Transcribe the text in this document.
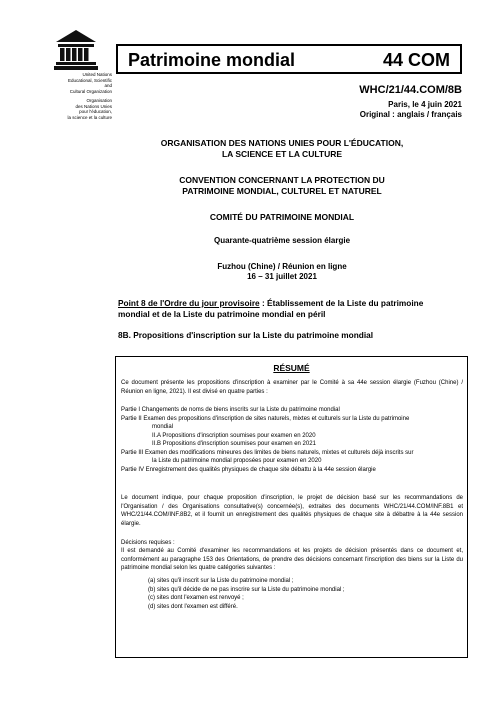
United Nations
Educational, Scientific and
Cultural Organization
Organisation
des Nations Unies
pour l'éducation,
la science et la culture
Patrimoine mondial	44 COM
WHC/21/44.COM/8B
Paris, le 4 juin 2021
Original : anglais / français
ORGANISATION DES NATIONS UNIES POUR L'ÉDUCATION,
LA SCIENCE ET LA CULTURE
CONVENTION CONCERNANT LA PROTECTION DU
PATRIMOINE MONDIAL, CULTUREL ET NATUREL
COMITÉ DU PATRIMOINE MONDIAL
Quarante-quatrième session élargie
Fuzhou (Chine) / Réunion en ligne
16 – 31 juillet 2021
Point 8 de l'Ordre du jour provisoire : Établissement de la Liste du patrimoine
mondial et de la Liste du patrimoine mondial en péril
8B. Propositions d'inscription sur la Liste du patrimoine mondial
RÉSUMÉ
Ce document présente les propositions d'inscription à examiner par le Comité à sa 44e session élargie (Fuzhou (Chine) / Réunion en ligne, 2021). Il est divisé en quatre parties :
Partie I Changements de noms de biens inscrits sur la Liste du patrimoine mondial
Partie II Examen des propositions d'inscription de sites naturels, mixtes et culturels sur la Liste du patrimoine
mondial
II.A Propositions d'inscription soumises pour examen en 2020
II.B Propositions d'inscription soumises pour examen en 2021
Partie III Examen des modifications mineures des limites de biens naturels, mixtes et culturels déjà inscrits sur
la Liste du patrimoine mondial proposées pour examen en 2020
Partie IV Enregistrement des qualités physiques de chaque site débattu à la 44e session élargie
Le document indique, pour chaque proposition d'inscription, le projet de décision basé sur les recommandations de l'Organisation / des Organisations consultative(s) concernée(s), extraites des documents WHC/21/44.COM/INF.8B1 et WHC/21/44.COM/INF.8B2, et il fournit un enregistrement des qualités physiques de chaque site à débattre à la 44e session élargie.
Décisions requises :
Il est demandé au Comité d'examiner les recommandations et les projets de décision présentés dans ce document et, conformément au paragraphe 153 des Orientations, de prendre des décisions concernant l'inscription des biens sur la Liste du patrimoine mondial selon les quatre catégories suivantes :
(a) sites qu'il inscrit sur la Liste du patrimoine mondial ;
(b) sites qu'il décide de ne pas inscrire sur la Liste du patrimoine mondial ;
(c) sites dont l'examen est renvoyé ;
(d) sites dont l'examen est différé.
